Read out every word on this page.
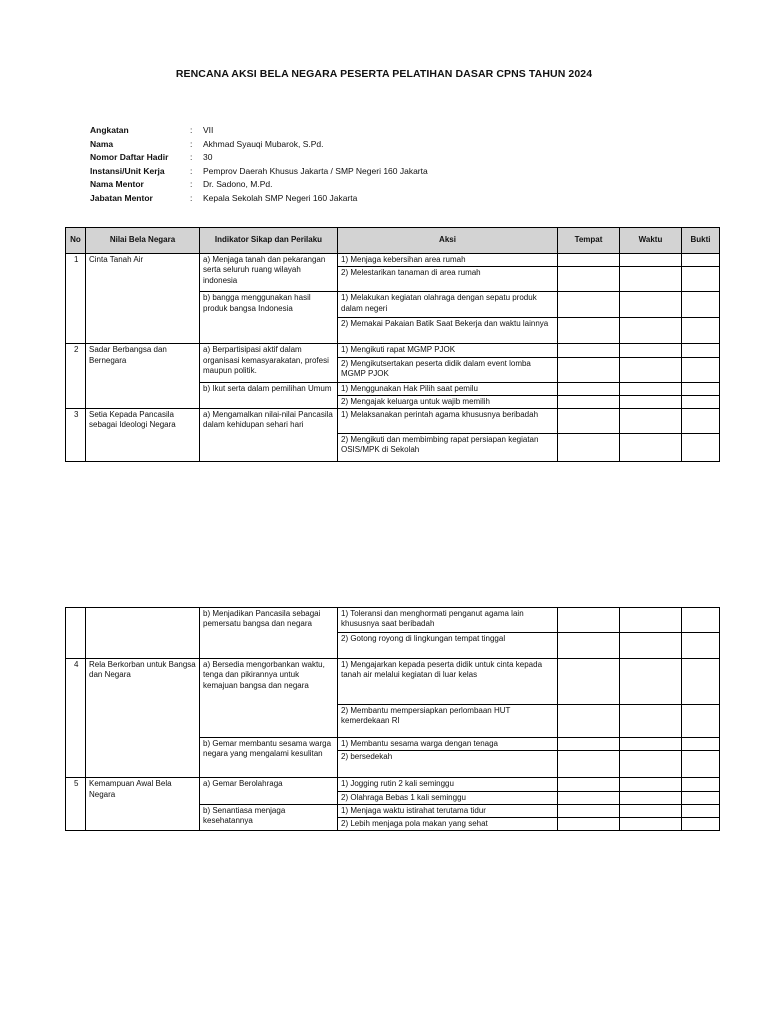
RENCANA AKSI BELA NEGARA PESERTA PELATIHAN DASAR CPNS TAHUN 2024
Angkatan	: VII
Nama	: Akhmad Syauqi Mubarok, S.Pd.
Nomor Daftar Hadir	: 30
Instansi/Unit Kerja	: Pemprov Daerah Khusus Jakarta / SMP Negeri 160 Jakarta
Nama Mentor	: Dr. Sadono, M.Pd.
Jabatan Mentor	: Kepala Sekolah SMP Negeri 160 Jakarta
No	Nilai Bela Negara	Indikator Sikap dan Perilaku	Aksi	Tempat	Waktu	Bukti
1	Cinta Tanah Air	a) Menjaga tanah dan pekarangan serta seluruh ruang wilayah indonesia	1) Menjaga kebersihan area rumah			
			2) Melestarikan tanaman di area rumah			
		b) bangga menggunakan hasil produk bangsa Indonesia	1) Melakukan kegiatan olahraga dengan sepatu produk dalam negeri			
			2) Memakai Pakaian Batik Saat Bekerja dan waktu lainnya			
2	Sadar Berbangsa dan Bernegara	a) Berpartisipasi aktif dalam organisasi kemasyarakatan, profesi maupun politik.	1) Mengikuti rapat MGMP PJOK			
			2) Mengikutsertakan peserta didik dalam event lomba MGMP PJOK			
		b) Ikut serta dalam pemilihan Umum	1) Menggunakan Hak Pilih saat pemilu			
			2) Mengajak keluarga untuk wajib memilih			
3	Setia Kepada Pancasila sebagai Ideologi Negara	a) Mengamalkan nilai-nilai Pancasila dalam kehidupan sehari hari	1) Melaksanakan perintah agama khususnya beribadah			
			2) Mengikuti dan membimbing rapat persiapan kegiatan OSIS/MPK di Sekolah			
		b) Menjadikan Pancasila sebagai pemersatu bangsa dan negara	1) Toleransi dan menghormati penganut agama lain khususnya saat beribadah			
			2) Gotong royong di lingkungan tempat tinggal			
4	Rela Berkorban untuk Bangsa dan Negara	a) Bersedia mengorbankan waktu, tenga dan pikirannya untuk kemajuan bangsa dan negara	1) Mengajarkan kepada peserta didik untuk cinta kepada tanah air melalui kegiatan di luar kelas			
			2) Membantu mempersiapkan perlombaan HUT kemerdekaan RI			
		b) Gemar membantu sesama warga negara yang mengalami kesulitan	1) Membantu sesama warga dengan tenaga			
			2) bersedekah			
5	Kemampuan Awal Bela Negara	a) Gemar Berolahraga	1) Jogging rutin 2 kali seminggu			
			2) Olahraga Bebas 1 kali seminggu			
		b) Senantiasa menjaga kesehatannya	1) Menjaga waktu istirahat terutama tidur			
			2) Lebih menjaga pola makan yang sehat			
